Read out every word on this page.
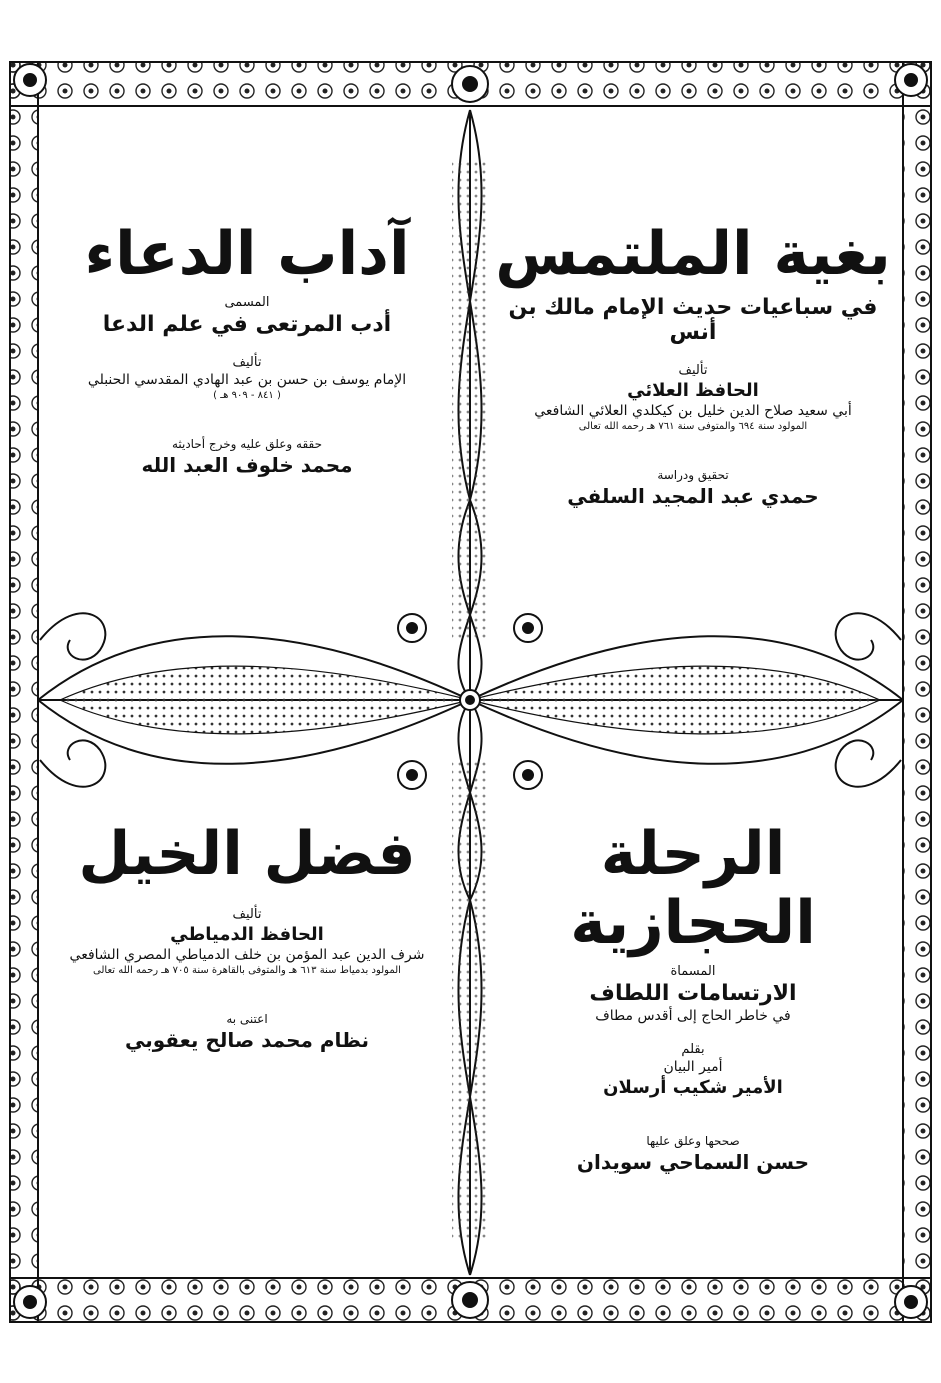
بغية الملتمس
في سباعيات حديث الإمام مالك بن أنس
تأليف
الحافظ العلائي
أبي سعيد صلاح الدين خليل بن كيكلدي العلائي الشافعي
المولود سنة ٦٩٤ والمتوفى سنة ٧٦١ هـ رحمه الله تعالى
تحقيق ودراسة
حمدي عبد المجيد السلفي
آداب الدعاء
المسمى
أدب المرتعى في علم الدعا
تأليف
الإمام يوسف بن حسن بن عبد الهادي المقدسي الحنبلي
( ٨٤١ - ٩٠٩ هـ )
حققه وعلق عليه وخرج أحاديثه
محمد خلوف العبد الله
الرحلة الحجازية
المسماة
الارتسامات اللطاف
في خاطر الحاج إلى أقدس مطاف
بقلم
أمير البيان
الأمير شكيب أرسلان
صححها وعلق عليها
حسن السماحي سويدان
فضل الخيل
تأليف
الحافظ الدمياطي
شرف الدين عبد المؤمن بن خلف الدمياطي المصري الشافعي
المولود بدمياط سنة ٦١٣ هـ والمتوفى بالقاهرة سنة ٧٠٥ هـ رحمه الله تعالى
اعتنى به
نظام محمد صالح يعقوبي
